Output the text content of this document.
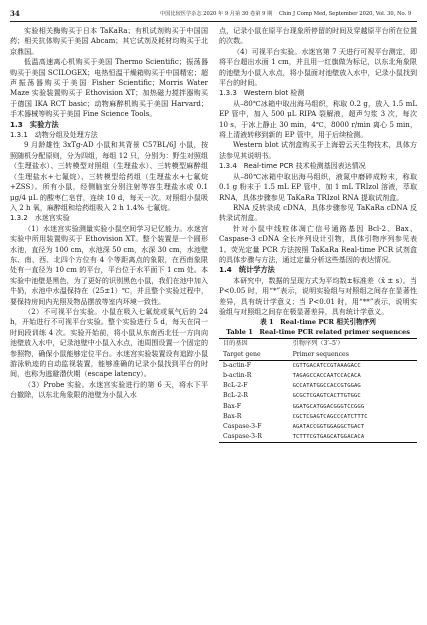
34	中国比较医学杂志 2020 年 9 月第 30 卷第 9 期 　Chin J Comp Med, September 2020, Vol. 30, No. 9

实验相关酶购买于日本 TaKaRa；有机试剂购买于中国国药；相关抗体购买于美国 Abcam；其它试剂及耗材均购买于北京鼎国。

低温高速离心机购买于美国 Thermo Scientific；振荡器购买于美国 SCILOGEX；电热恒温干燥箱购买于中国精宏；超声振荡器购买于美国 Fisher Scientific；Morris Water Maze 实验装置购买于 Ethovision XT；加热磁力搅拌器购买于德国 IKA RCT basic；动物麻醉机购买于美国 Harvard；手术器械等购买于美国 Fine Science Tools。

1.3　实验方法

1.3.1　动物分组及处理方法

9 月龄雄性 3xTg-AD 小鼠和其背景 C57BL/6J 小鼠，按照随机分配原则，分为四组，每组 12 只，分别为：野生对照组（生理盐水）、三转模型对照组（生理盐水）、三转模型麻醉组（生理盐水+七氟烷）、三转模型给药组（生理盐水+七氟烷+ZSS）。所有小鼠，经侧脑室分别注射等容生理盐水或 0.1 μg/4 μL 的酸枣仁皂苷，连续 10 d，每天一次。对照组小鼠吸入 2 h 氧，麻醉组和给药组吸入 2 h 1.4% 七氟烷。

1.3.2　水迷宫实验

（1）水迷宫实验测量实验小鼠空间学习记忆能力。水迷宫实验中所用装置购买于 Ethovision XT。整个装置是一个圆形水池，直径为 100 cm，水池深 50 cm，水深 30 cm，水池壁东、南、西、北四个方位有 4 个等距离点的象限，在西南象限处有一直径为 10 cm 的平台，平台位于水平面下 1 cm 处。本实验中池壁是黑色，为了更好的识别黑色小鼠，我们在池中加入牛奶，水池中水温保持在（25±1）℃，并且整个实验过程中，要保持房间内光照及物品摆放等室内环境一致性。

（2）不可视平台实验。小鼠在吸入七氟烷或氧气后的 24 h，开始进行不可视平台实验。整个实验进行 5 d，每天在同一时间段训练 4 次。实验开始前，将小鼠从东南西北任一方向向池壁放入水中，记录池壁中小鼠入水点，池周围设置一个固定的参照物，确保小鼠能够定位平台。水迷宫实验装置设有追踪小鼠游泳轨迹的自动监视装置，能够准确的记录小鼠找到平台的时间，也称为逃避潜伏期（escape latency）。

（3）Probe 实验。水迷宫实验进行的第 6 天，将水下平台撤除，以东北角象限的池壁为小鼠入水

点，记录小鼠在原平台现象所停留的时间及穿越原平台所在位置的次数。

（4）可视平台实验。水迷宫第 7 天进行可视平台测定，即将平台超出水面 1 cm，并且用一红旗做为标记，以东北角象限的池壁为小鼠入水点，将小鼠面对池壁放入水中，记录小鼠找到平台的时间。

1.3.3　Western blot 检测

从–80℃冰箱中取出海马组织，称取 0.2 g，放入 1.5 mL EP 管中，加入 500 μL RIPA 裂解液，超声匀浆 3 次，每次 10 s，于冰上静止 30 min，4℃，8000 r/min 离心 5 min，将上清液转移到新的 EP 管中，用于后续检测。

Western blot 试剂盒购买于上海碧云天生物技术，具体方法参见其说明书。

1.3.4　Real-time PCR 技术检测基因表达情况

从–80℃冰箱中取出海马组织，液氮中磨碎成粉末，称取 0.1 g 粉末于 1.5 mL EP 管中，加 1 mL TRIzol 溶液，萃取 RNA，具体步骤参见 TaKaRa TRIzol RNA 提取试剂盒。

RNA 反转录成 cDNA，具体步骤参见 TaKaRa cDNA 反转录试剂盒。

针对小鼠中线粒体凋亡信号通路基因 Bcl-2、Bax、Caspase-3 cDNA 全长序列设计引物，具体引物序列参见表 1。荧光定量 PCR 方法按照 TaKaRa Real-time PCR 试剂盒的具体步骤与方法，通过定量分析这些基因的表达情况。

1.4　统计学方法

本研究中，数据的呈现方式为平均数±标准差（x̄ ± s）。当 P<0.05 时，用“*”表示，说明实验组与对照组之间存在显著性差异，具有统计学意义；当 P<0.01 时，用“**”表示，说明实验组与对照组之间存在极显著差异，具有统计学意义。

表 1　Real-time PCR 相关引物序列

Table 1　Real-time PCR related primer sequences

目的基因	引物序列（3′–5′）
Target gene	Primer sequences
b-actin-F	CGTTGACATCCGTAAAGACC
b-actin-R	TAGAGCCACCAATCCACACA
BcL-2-F	GCCATATGGCCACCGTGGAG
BcL-2-R	GCGCTCGAGTCACTTGTGGC
Bax-F	GGATGCATGGACGGGTCCGGG
Bax-R	CGCTCGAGTCAGCCCATCTTTC
Caspase-3-F	AGATACCGGTGGAGGCTGACT
Caspase-3-R	TCTTTCGTGAGCATGGACACA
